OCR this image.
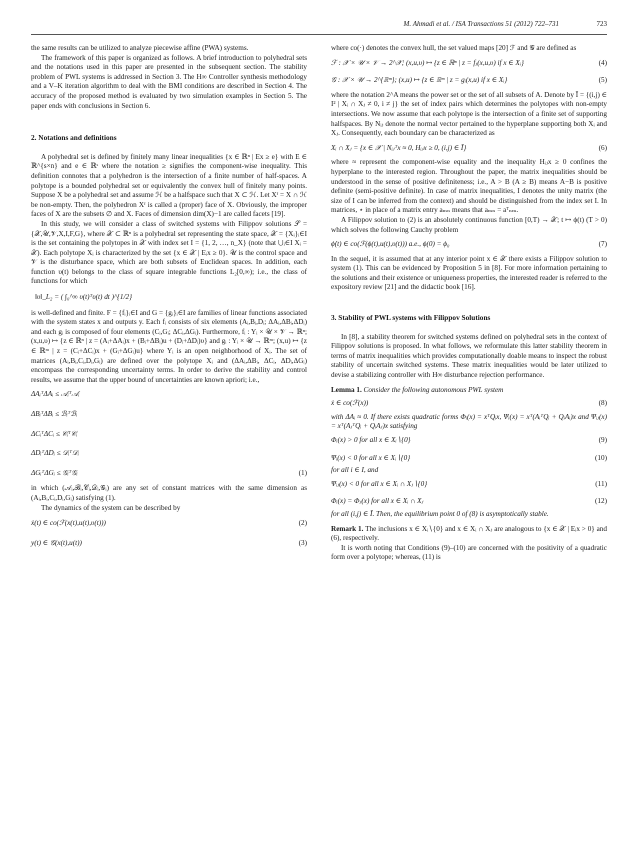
M. Ahmadi et al. / ISA Transactions 51 (2012) 722–731	723

the same results can be utilized to analyze piecewise affine (PWA) systems.

The framework of this paper is organized as follows. A brief introduction to polyhedral sets and the notations used in this paper are presented in the subsequent section. The stability problem of PWL systems is addressed in Section 3. The H∞ Controller synthesis methodology and a V–K iteration algorithm to deal with the BMI conditions are described in Section 4. The accuracy of the proposed method is evaluated by two simulation examples in Section 5. The paper ends with conclusions in Section 6.

2. Notations and definitions

A polyhedral set is defined by finitely many linear inequalities {x ∈ ℝⁿ | Ex ≥ e} with E ∈ ℝ^{s×n} and e ∈ ℝˢ where the notation ≥ signifies the component-wise inequality. This definition connotes that a polyhedron is the intersection of a finite number of half-spaces. A polytope is a bounded polyhedral set or equivalently the convex hull of finitely many points. Suppose X be a polyhedral set and assume ℋ be a halfspace such that X ⊂ ℋ. Let Xᶠ = X ∩ ℋ be non-empty. Then, the polyhedron Xᶠ is called a (proper) face of X. Obviously, the improper faces of X are the subsets ∅ and X. Faces of dimension dim(X)−1 are called facets [19].

In this study, we will consider a class of switched systems with Filippov solutions 𝒮 = {𝒳,𝒰,𝒱,X,I,F,G}, where 𝒳 ⊂ ℝⁿ is a polyhedral set representing the state space, 𝒳 = {Xᵢ}ᵢ∈I is the set containing the polytopes in 𝒳 with index set I = {1, 2, …, n_X} (note that ⋃ᵢ∈I Xᵢ = 𝒳). Each polytope Xᵢ is characterized by the set {x ∈ 𝒳 | Eᵢx ≥ 0}. 𝒰 is the control space and 𝒱 is the disturbance space, which are both subsets of Euclidean spaces. In addition, each function υ(t) belongs to the class of square integrable functions L₂[0,∞); i.e., the class of functions for which

‖υ‖_L₂ = ( ∫₀^∞ υ(t)ᵀυ(t) dt )^{1/2}

is well-defined and finite. F = {fᵢ}ᵢ∈I and G = {gᵢ}ᵢ∈I are families of linear functions associated with the system states x and outputs y. Each fᵢ consists of six elements (Aᵢ,Bᵢ,Dᵢ; ΔAᵢ,ΔBᵢ,ΔDᵢ) and each gᵢ is composed of four elements (Cᵢ,Gᵢ; ΔCᵢ,ΔGᵢ). Furthermore, fᵢ : Yᵢ × 𝒰 × 𝒱 → ℝⁿ; (x,u,υ) ↦ {z ∈ ℝⁿ | z = (Aᵢ+ΔAᵢ)x + (Bᵢ+ΔBᵢ)u + (Dᵢ+ΔDᵢ)υ} and gᵢ : Yᵢ × 𝒰 → ℝᵐ; (x,u) ↦ {z ∈ ℝᵐ | z = (Cᵢ+ΔCᵢ)x + (Gᵢ+ΔGᵢ)u} where Yᵢ is an open neighborhood of Xᵢ. The set of matrices (Aᵢ,Bᵢ,Cᵢ,Dᵢ,Gᵢ) are defined over the polytope Xᵢ and (ΔAᵢ,ΔBᵢ, ΔCᵢ, ΔDᵢ,ΔGᵢ) encompass the corresponding uncertainty terms. In order to derive the stability and control results, we assume that the upper bound of uncertainties are known apriori; i.e.,

ΔAᵢᵀΔAᵢ ≤ 𝒜ᵢᵀ𝒜ᵢ
ΔBᵢᵀΔBᵢ ≤ ℬᵢᵀℬᵢ
ΔCᵢᵀΔCᵢ ≤ 𝒞ᵢᵀ𝒞ᵢ
ΔDᵢᵀΔDᵢ ≤ 𝒟ᵢᵀ𝒟ᵢ
ΔGᵢᵀΔGᵢ ≤ 𝒢ᵢᵀ𝒢ᵢ	(1)

in which (𝒜ᵢ,ℬᵢ,𝒞ᵢ,𝒟ᵢ,𝒢ᵢ) are any set of constant matrices with the same dimension as (Aᵢ,Bᵢ,Cᵢ,Dᵢ,Gᵢ) satisfying (1).

The dynamics of the system can be described by

ẋ(t) ∈ co(ℱ(x(t),u(t),υ(t)))	(2)
y(t) ∈ 𝒢(x(t),u(t))	(3)

where co(·) denotes the convex hull, the set valued maps [20] ℱ and 𝒢 are defined as

ℱ : 𝒳 × 𝒰 × 𝒱 → 2^𝒳; (x,u,υ) ↦ {z ∈ ℝⁿ | z = fⱼ(x,u,υ) if x ∈ Xᵢ}	(4)
𝒢 : 𝒳 × 𝒰 → 2^{ℝᵐ}; (x,u) ↦ {z ∈ ℝᵐ | z = gᵢ(x,u) if x ∈ Xᵢ}	(5)

where the notation 2^A means the power set or the set of all subsets of A. Denote by Ī = {(i,j) ∈ I² | Xᵢ ∩ Xⱼ ≠ 0, i ≠ j} the set of index pairs which determines the polytopes with non-empty intersections. We now assume that each polytope is the intersection of a finite set of supporting halfspaces. By Nᵢⱼ denote the normal vector pertained to the hyperplane supporting both Xᵢ and Xⱼ. Consequently, each boundary can be characterized as

Xᵢ ∩ Xⱼ = {x ∈ 𝒳 | Nᵢⱼᵀx ≈ 0, Hᵢⱼx ≥ 0, (i,j) ∈ Ī}	(6)

where ≈ represent the component-wise equality and the inequality Hᵢⱼx ≥ 0 confines the hyperplane to the interested region. Throughout the paper, the matrix inequalities should be understood in the sense of positive definiteness; i.e., A > B (A ≥ B) means A−B is positive definite (semi-positive definite). In case of matrix inequalities, I denotes the unity matrix (the size of I can be inferred from the context) and should be distinguished from the index set I. In matrices, ⋆ in place of a matrix entry aₘₙ means that aₘₙ = aᵀₙₘ.

A Filippov solution to (2) is an absolutely continuous function [0,T) → 𝒳; t ↦ ϕ(t) (T > 0) which solves the following Cauchy problem

ϕ̇(t) ∈ co(ℱ(ϕ(t),u(t),υ(t))) a.e., ϕ(0) = ϕ₀	(7)

In the sequel, it is assumed that at any interior point x ∈ 𝒳 there exists a Filippov solution to system (1). This can be evidenced by Proposition 5 in [8]. For more information pertaining to the solutions and their existence or uniqueness properties, the interested reader is referred to the expository review [21] and the didactic book [16].

3. Stability of PWL systems with Filippov Solutions

In [8], a stability theorem for switched systems defined on polyhedral sets in the context of Filippov solutions is proposed. In what follows, we reformulate this latter stability theorem in terms of matrix inequalities which provides computationally doable means to inspect the robust stability of uncertain switched systems. These matrix inequalities would be later utilized to devise a stabilizing controller with H∞ disturbance rejection performance.

Lemma 1. Consider the following autonomous PWL system

ẋ ∈ co(ℱ(x))	(8)

with ΔAᵢ ≈ 0. If there exists quadratic forms Φᵢ(x) = xᵀQᵢx, Ψᵢ(x) = xᵀ(AᵢᵀQᵢ + QᵢAᵢ)x and Ψᵢⱼ(x) = xᵀ(AⱼᵀQᵢ + QᵢAⱼ)x satisfying

Φᵢ(x) > 0 for all x ∈ Xᵢ∖{0}	(9)
Ψᵢ(x) < 0 for all x ∈ Xᵢ∖{0}	(10)

for all i ∈ I, and

Ψᵢⱼ(x) < 0 for all x ∈ Xᵢ ∩ Xⱼ∖{0}	(11)
Φᵢ(x) = Φⱼ(x) for all x ∈ Xᵢ ∩ Xⱼ	(12)

for all (i,j) ∈ Ī. Then, the equilibrium point 0 of (8) is asymptotically stable.

Remark 1. The inclusions x ∈ Xᵢ∖{0} and x ∈ Xᵢ ∩ Xⱼ are analogous to {x ∈ 𝒳 | Eᵢx > 0} and (6), respectively.

It is worth noting that Conditions (9)–(10) are concerned with the positivity of a quadratic form over a polytope; whereas, (11) is
